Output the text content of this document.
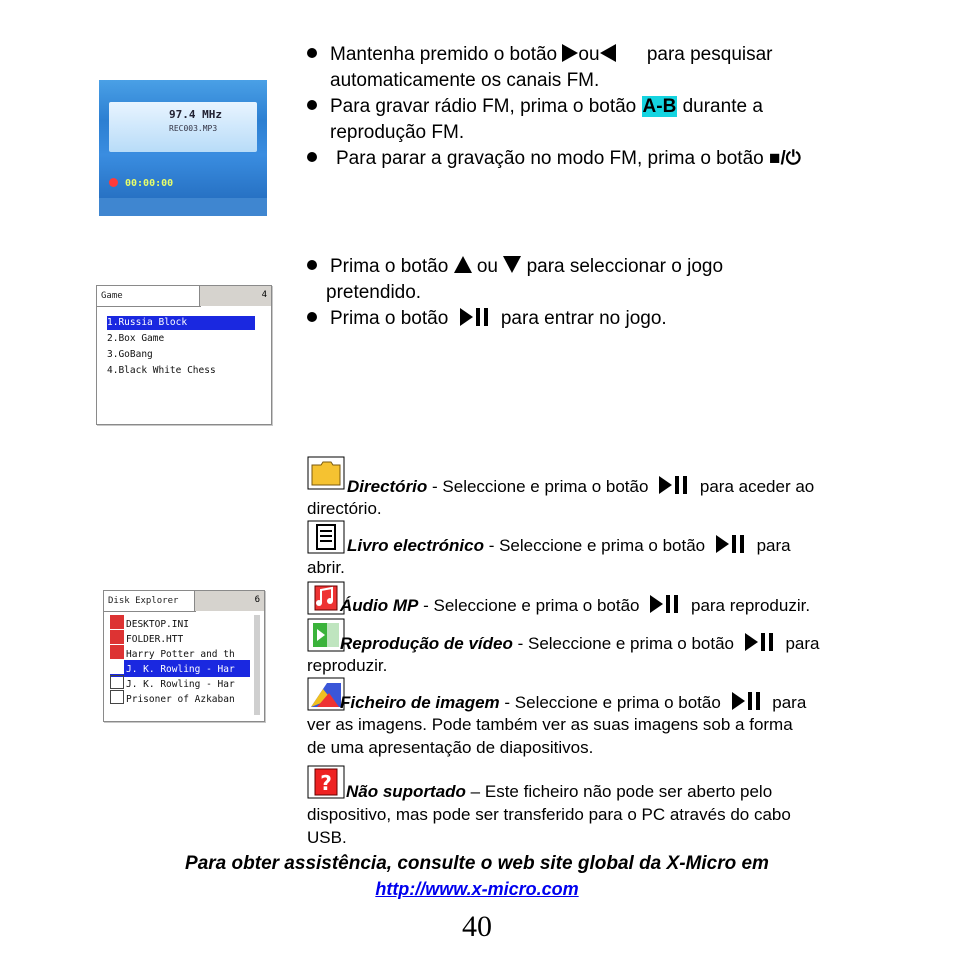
97.4 MHz
REC003.MP3
00:00:00
Mantenha premido o botão ou para pesquisar
automaticamente os canais FM.
Para gravar rádio FM, prima o botão A-B durante a
reprodução FM.
Para parar a gravação no modo FM, prima o botão ■/⏻
Game	4
1.Russia Block
2.Box Game
3.GoBang
4.Black White Chess
Prima o botão ou para seleccionar o jogo
pretendido.
Prima o botão	para entrar no jogo.
Disk Explorer	6
DESKTOP.INI
FOLDER.HTT
Harry Potter and th
J. K. Rowling - Har
J. K. Rowling - Har
Prisoner of Azkaban
Directório - Seleccione e prima o botão	para aceder ao
directório.
Livro electrónico - Seleccione e prima o botão	para
abrir.
Áudio MP - Seleccione e prima o botão	para reproduzir.
Reprodução de vídeo - Seleccione e prima o botão	para
reproduzir.
Ficheiro de imagem - Seleccione e prima o botão	para
ver as imagens. Pode também ver as suas imagens sob a forma
de uma apresentação de diapositivos.
? Não suportado – Este ficheiro não pode ser aberto pelo
dispositivo, mas pode ser transferido para o PC através do cabo
USB.
Para obter assistência, consulte o web site global da X-Micro em
http://www.x-micro.com
40
